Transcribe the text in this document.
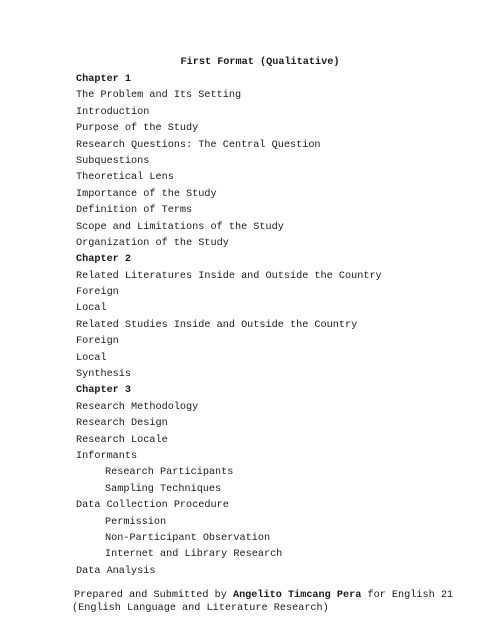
First Format (Qualitative)
Chapter 1
The Problem and Its Setting
Introduction
Purpose of the Study
Research Questions: The Central Question
Subquestions
Theoretical Lens
Importance of the Study
Definition of Terms
Scope and Limitations of the Study
Organization of the Study
Chapter 2
Related Literatures Inside and Outside the Country
Foreign
Local
Related Studies Inside and Outside the Country
Foreign
Local
Synthesis
Chapter 3
Research Methodology
Research Design
Research Locale
Informants
Research Participants
Sampling Techniques
Data Collection Procedure
Permission
Non-Participant Observation
Internet and Library Research
Data Analysis
Prepared and Submitted by Angelito Timcang Pera for English 21
(English Language and Literature Research)
